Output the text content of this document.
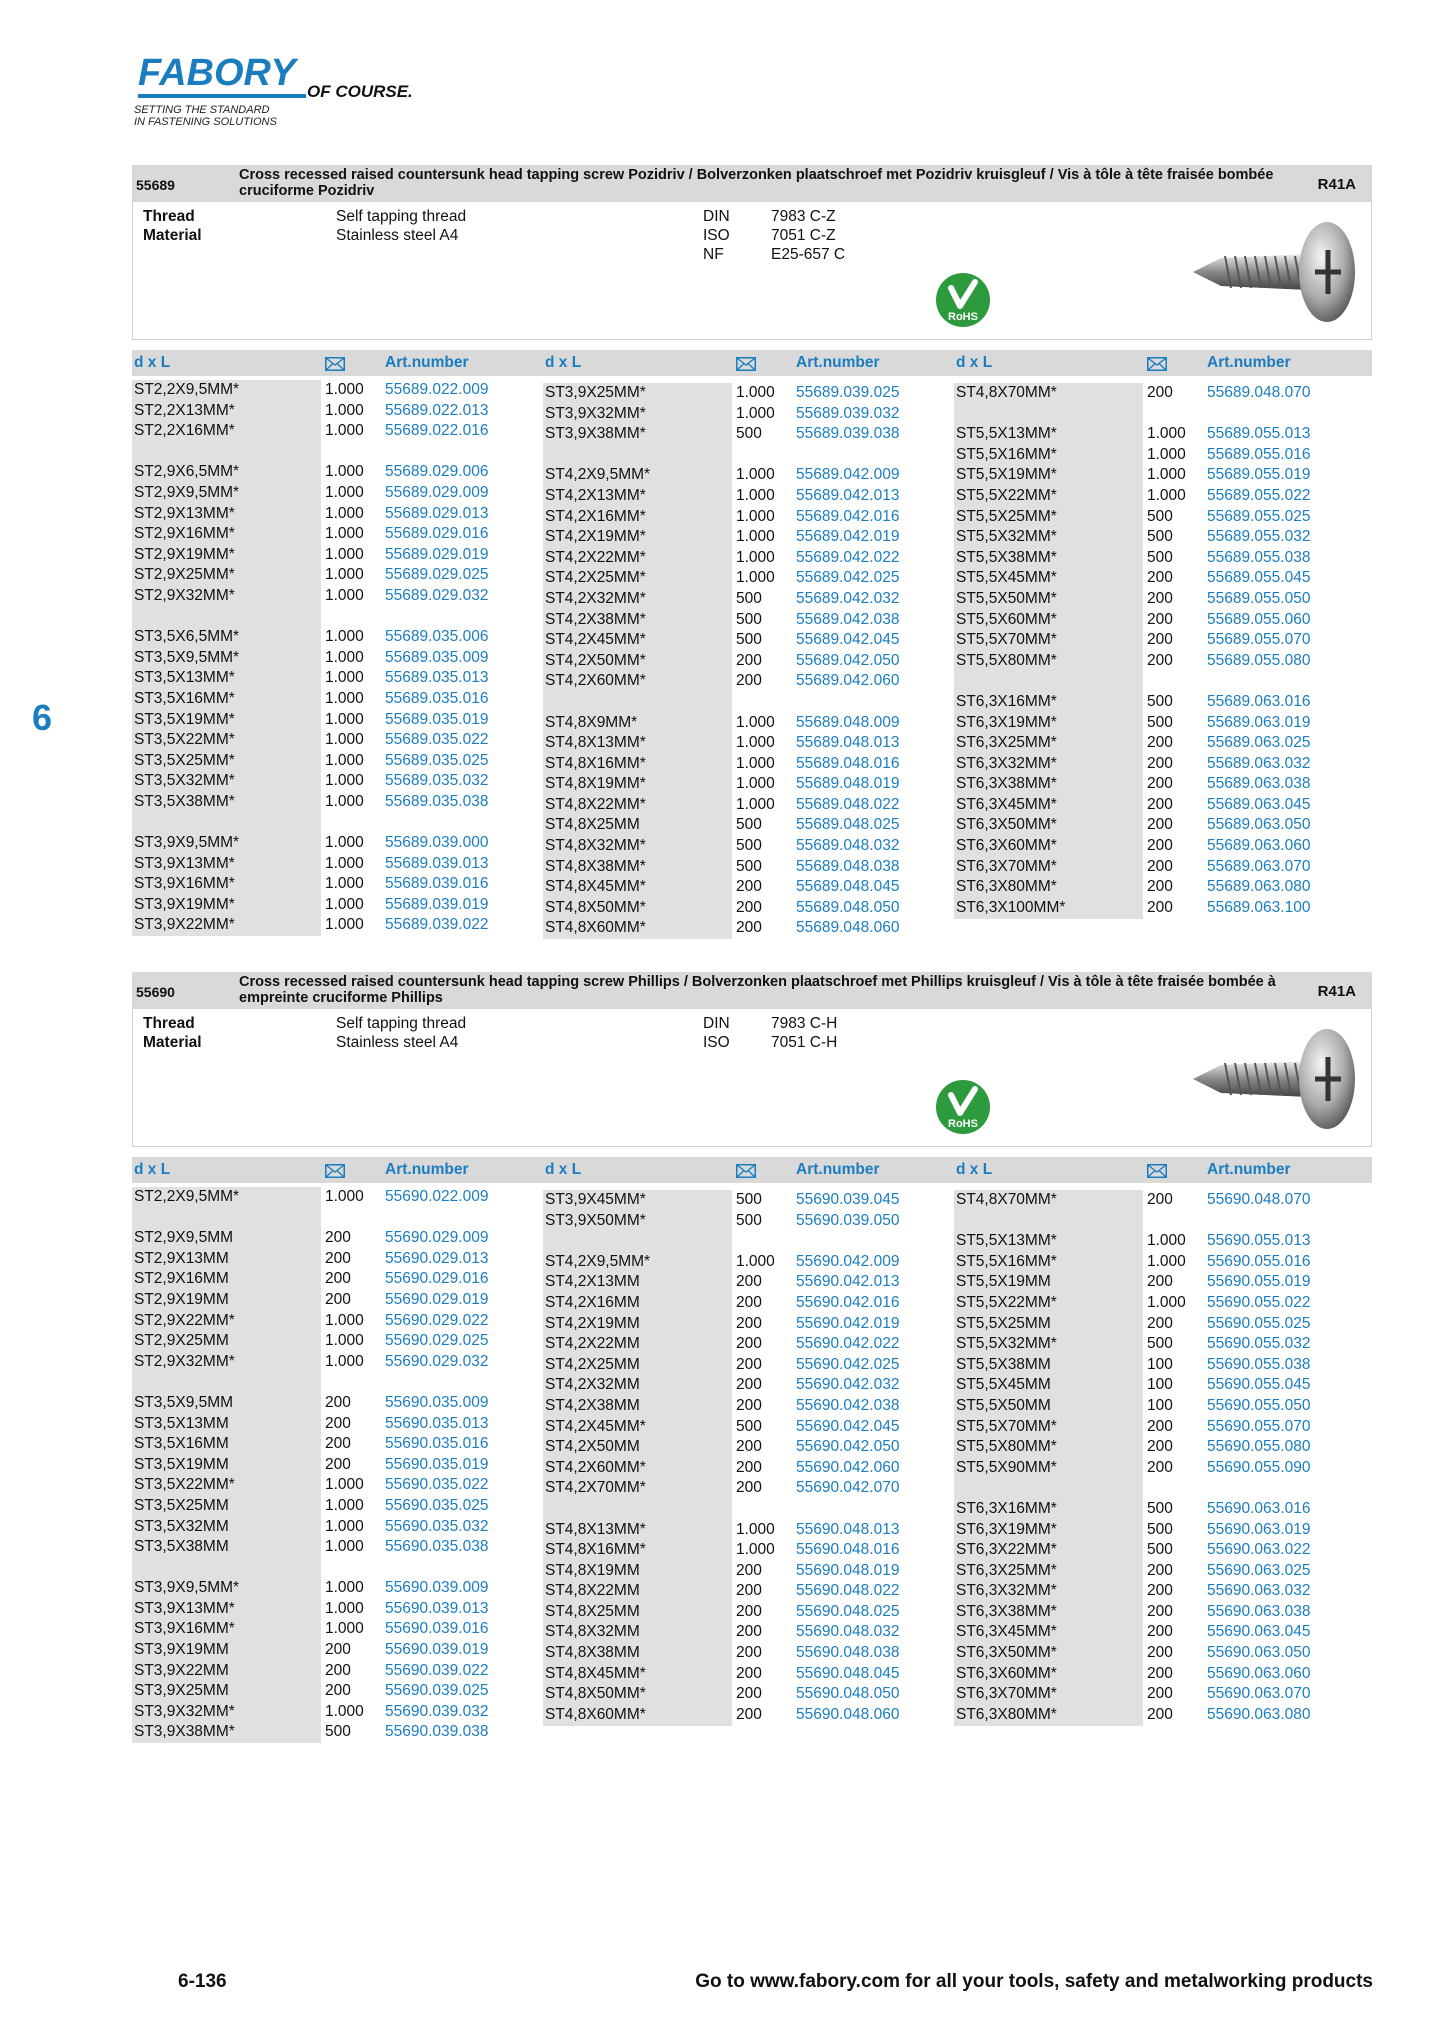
FABORY OF COURSE.
SETTING THE STANDARD
IN FASTENING SOLUTIONS
6
55689
Cross recessed raised countersunk head tapping screw Pozidriv / Bolverzonken plaatschroef met Pozidriv kruisgleuf / Vis à tôle à tête fraisée bombée cruciforme Pozidriv	R41A
Thread	Self tapping thread
Material	Stainless steel A4
DIN	7983 C-Z
ISO	7051 C-Z
NF	E25-657 C
RoHS
d x L	Art.number	d x L	Art.number	d x L	Art.number
ST2,2X9,5MM*	1.000 55689.022.009
ST2,2X13MM*	1.000 55689.022.013
ST2,2X16MM*	1.000 55689.022.016
ST2,9X6,5MM*	1.000 55689.029.006
ST2,9X9,5MM*	1.000 55689.029.009
ST2,9X13MM*	1.000 55689.029.013
ST2,9X16MM*	1.000 55689.029.016
ST2,9X19MM*	1.000 55689.029.019
ST2,9X25MM*	1.000 55689.029.025
ST2,9X32MM*	1.000 55689.029.032
ST3,5X6,5MM*	1.000 55689.035.006
ST3,5X9,5MM*	1.000 55689.035.009
ST3,5X13MM*	1.000 55689.035.013
ST3,5X16MM*	1.000 55689.035.016
ST3,5X19MM*	1.000 55689.035.019
ST3,5X22MM*	1.000 55689.035.022
ST3,5X25MM*	1.000 55689.035.025
ST3,5X32MM*	1.000 55689.035.032
ST3,5X38MM*	1.000 55689.035.038
ST3,9X9,5MM*	1.000 55689.039.000
ST3,9X13MM*	1.000 55689.039.013
ST3,9X16MM*	1.000 55689.039.016
ST3,9X19MM*	1.000 55689.039.019
ST3,9X22MM*	1.000 55689.039.022
ST3,9X25MM*	1.000 55689.039.025
ST3,9X32MM*	1.000 55689.039.032
ST3,9X38MM*	500 55689.039.038
ST4,2X9,5MM*	1.000 55689.042.009
ST4,2X13MM*	1.000 55689.042.013
ST4,2X16MM*	1.000 55689.042.016
ST4,2X19MM*	1.000 55689.042.019
ST4,2X22MM*	1.000 55689.042.022
ST4,2X25MM*	1.000 55689.042.025
ST4,2X32MM*	500 55689.042.032
ST4,2X38MM*	500 55689.042.038
ST4,2X45MM*	500 55689.042.045
ST4,2X50MM*	200 55689.042.050
ST4,2X60MM*	200 55689.042.060
ST4,8X9MM*	1.000 55689.048.009
ST4,8X13MM*	1.000 55689.048.013
ST4,8X16MM*	1.000 55689.048.016
ST4,8X19MM*	1.000 55689.048.019
ST4,8X22MM*	1.000 55689.048.022
ST4,8X25MM	500 55689.048.025
ST4,8X32MM*	500 55689.048.032
ST4,8X38MM*	500 55689.048.038
ST4,8X45MM*	200 55689.048.045
ST4,8X50MM*	200 55689.048.050
ST4,8X60MM*	200 55689.048.060
ST4,8X70MM*	200 55689.048.070
ST5,5X13MM*	1.000 55689.055.013
ST5,5X16MM*	1.000 55689.055.016
ST5,5X19MM*	1.000 55689.055.019
ST5,5X22MM*	1.000 55689.055.022
ST5,5X25MM*	500 55689.055.025
ST5,5X32MM*	500 55689.055.032
ST5,5X38MM*	500 55689.055.038
ST5,5X45MM*	200 55689.055.045
ST5,5X50MM*	200 55689.055.050
ST5,5X60MM*	200 55689.055.060
ST5,5X70MM*	200 55689.055.070
ST5,5X80MM*	200 55689.055.080
ST6,3X16MM*	500 55689.063.016
ST6,3X19MM*	500 55689.063.019
ST6,3X25MM*	200 55689.063.025
ST6,3X32MM*	200 55689.063.032
ST6,3X38MM*	200 55689.063.038
ST6,3X45MM*	200 55689.063.045
ST6,3X50MM*	200 55689.063.050
ST6,3X60MM*	200 55689.063.060
ST6,3X70MM*	200 55689.063.070
ST6,3X80MM*	200 55689.063.080
ST6,3X100MM*	200 55689.063.100
55690
Cross recessed raised countersunk head tapping screw Phillips / Bolverzonken plaatschroef met Phillips kruisgleuf / Vis à tôle à tête fraisée bombée à empreinte cruciforme Phillips	R41A
Thread	Self tapping thread
Material	Stainless steel A4
DIN	7983 C-H
ISO	7051 C-H
RoHS
d x L	Art.number	d x L	Art.number	d x L	Art.number
ST2,2X9,5MM*	1.000 55690.022.009
ST2,9X9,5MM	200 55690.029.009
ST2,9X13MM	200 55690.029.013
ST2,9X16MM	200 55690.029.016
ST2,9X19MM	200 55690.029.019
ST2,9X22MM*	1.000 55690.029.022
ST2,9X25MM	1.000 55690.029.025
ST2,9X32MM*	1.000 55690.029.032
ST3,5X9,5MM	200 55690.035.009
ST3,5X13MM	200 55690.035.013
ST3,5X16MM	200 55690.035.016
ST3,5X19MM	200 55690.035.019
ST3,5X22MM*	1.000 55690.035.022
ST3,5X25MM	1.000 55690.035.025
ST3,5X32MM	1.000 55690.035.032
ST3,5X38MM	1.000 55690.035.038
ST3,9X9,5MM*	1.000 55690.039.009
ST3,9X13MM*	1.000 55690.039.013
ST3,9X16MM*	1.000 55690.039.016
ST3,9X19MM	200 55690.039.019
ST3,9X22MM	200 55690.039.022
ST3,9X25MM	200 55690.039.025
ST3,9X32MM*	1.000 55690.039.032
ST3,9X38MM*	500 55690.039.038
ST3,9X45MM*	500 55690.039.045
ST3,9X50MM*	500 55690.039.050
ST4,2X9,5MM*	1.000 55690.042.009
ST4,2X13MM	200 55690.042.013
ST4,2X16MM	200 55690.042.016
ST4,2X19MM	200 55690.042.019
ST4,2X22MM	200 55690.042.022
ST4,2X25MM	200 55690.042.025
ST4,2X32MM	200 55690.042.032
ST4,2X38MM	200 55690.042.038
ST4,2X45MM*	500 55690.042.045
ST4,2X50MM	200 55690.042.050
ST4,2X60MM*	200 55690.042.060
ST4,2X70MM*	200 55690.042.070
ST4,8X13MM*	1.000 55690.048.013
ST4,8X16MM*	1.000 55690.048.016
ST4,8X19MM	200 55690.048.019
ST4,8X22MM	200 55690.048.022
ST4,8X25MM	200 55690.048.025
ST4,8X32MM	200 55690.048.032
ST4,8X38MM	200 55690.048.038
ST4,8X45MM*	200 55690.048.045
ST4,8X50MM*	200 55690.048.050
ST4,8X60MM*	200 55690.048.060
ST4,8X70MM*	200 55690.048.070
ST5,5X13MM*	1.000 55690.055.013
ST5,5X16MM*	1.000 55690.055.016
ST5,5X19MM	200 55690.055.019
ST5,5X22MM*	1.000 55690.055.022
ST5,5X25MM	200 55690.055.025
ST5,5X32MM*	500 55690.055.032
ST5,5X38MM	100 55690.055.038
ST5,5X45MM	100 55690.055.045
ST5,5X50MM	100 55690.055.050
ST5,5X70MM*	200 55690.055.070
ST5,5X80MM*	200 55690.055.080
ST5,5X90MM*	200 55690.055.090
ST6,3X16MM*	500 55690.063.016
ST6,3X19MM*	500 55690.063.019
ST6,3X22MM*	500 55690.063.022
ST6,3X25MM*	200 55690.063.025
ST6,3X32MM*	200 55690.063.032
ST6,3X38MM*	200 55690.063.038
ST6,3X45MM*	200 55690.063.045
ST6,3X50MM*	200 55690.063.050
ST6,3X60MM*	200 55690.063.060
ST6,3X70MM*	200 55690.063.070
ST6,3X80MM*	200 55690.063.080
6-136	Go to www.fabory.com for all your tools, safety and metalworking products
